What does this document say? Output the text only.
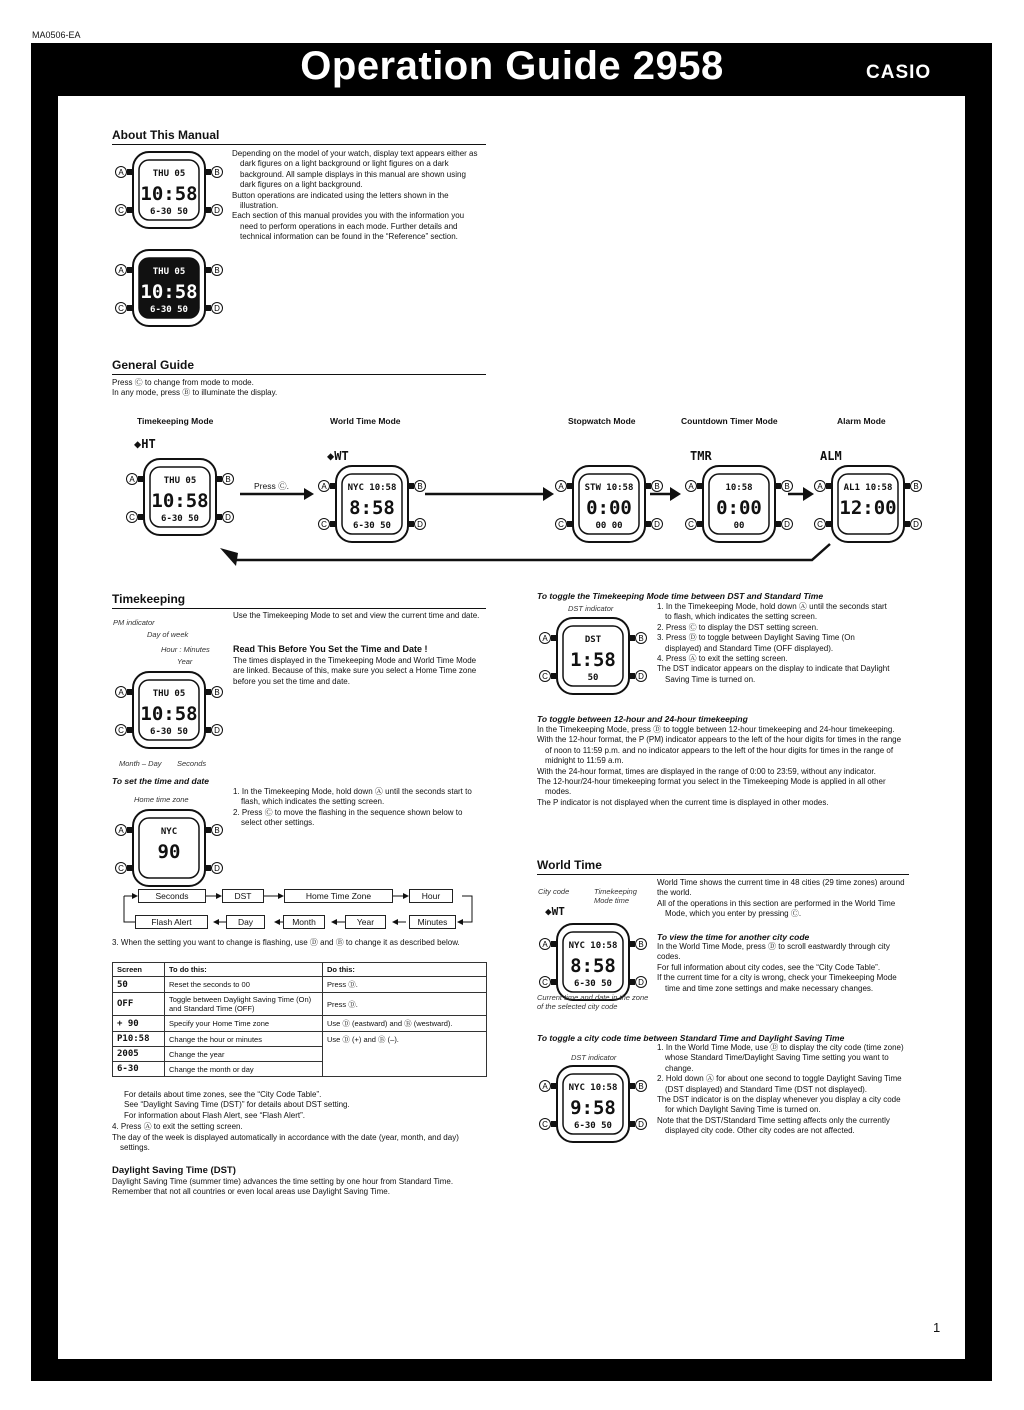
MA0506-EA
Operation Guide 2958	CASIO
About This Manual
A	B
C	D
THU 05
10:58
6-30 50
A	B
C	D
THU 05
10:58
6-30 50

Depending on the model of your watch, display text appears either as dark figures on a light background or light figures on a dark background. All sample displays in this manual are shown using dark figures on a light background.

Button operations are indicated using the letters shown in the illustration.

Each section of this manual provides you with the information you need to perform operations in each mode. Further details and technical information can be found in the “Reference” section.

General Guide

Press Ⓒ to change from mode to mode.

In any mode, press Ⓑ to illuminate the display.

Timekeeping Mode	World Time Mode	Stopwatch Mode	Countdown Timer Mode	Alarm Mode
◆HT
◆WT	TMR	ALM
A	B
C	D
THU 05
10:58
6-30 50
A	B
C	D
NYC 10:58
8:58
6-30 50
A	B
C	D
STW 10:58
0:00
00 00
A	B
C	D
10:58
0:00
00
A	B
C	D
AL1 10:58
12:00
Press Ⓒ.
Timekeeping
PM indicator
Day of week
Hour : Minutes
Year
A	B
C	D
THU 05
10:58
6-30 50
Month – Day Seconds
Use the Timekeeping Mode to set and view the current time and date.
Read This Before You Set the Time and Date !
The times displayed in the Timekeeping Mode and World Time Mode are linked. Because of this, make sure you select a Home Time zone before you set the time and date.
To set the time and date
Home time zone
A	B
C	D
NYC
90

1. In the Timekeeping Mode, hold down Ⓐ until the seconds start to flash, which indicates the setting screen.

2. Press Ⓒ to move the flashing in the sequence shown below to select other settings.

Seconds	DST	Home Time Zone	Hour
Flash Alert	Day	Month	Year	Minutes
3. When the setting you want to change is flashing, use Ⓓ and Ⓑ to change it as described below.
Screen	To do this:	Do this:
50	Reset the seconds to 00	Press Ⓓ.
OFF	Toggle between Daylight Saving Time (On) and Standard Time (OFF)	Press Ⓓ.
+ 90	Specify your Home Time zone	Use Ⓓ (eastward) and Ⓑ (westward).
P10:58	Change the hour or minutes	Use Ⓓ (+) and Ⓑ (–).
2005	Change the year	
6-30	Change the month or day	

For details about time zones, see the “City Code Table”.

See “Daylight Saving Time (DST)” for details about DST setting.

For information about Flash Alert, see “Flash Alert”.

4. Press Ⓐ to exit the setting screen.
The day of the week is displayed automatically in accordance with the date (year, month, and day) settings.
Daylight Saving Time (DST)
Daylight Saving Time (summer time) advances the time setting by one hour from Standard Time. Remember that not all countries or even local areas use Daylight Saving Time.
To toggle the Timekeeping Mode time between DST and Standard Time
DST indicator
A	B
C	D
DST
1:58
50

1. In the Timekeeping Mode, hold down Ⓐ until the seconds start to flash, which indicates the setting screen.

2. Press Ⓒ to display the DST setting screen.

3. Press Ⓓ to toggle between Daylight Saving Time (On displayed) and Standard Time (OFF displayed).

4. Press Ⓐ to exit the setting screen.

The DST indicator appears on the display to indicate that Daylight Saving Time is turned on.

To toggle between 12-hour and 24-hour timekeeping

In the Timekeeping Mode, press Ⓓ to toggle between 12-hour timekeeping and 24-hour timekeeping.

With the 12-hour format, the P (PM) indicator appears to the left of the hour digits for times in the range of noon to 11:59 p.m. and no indicator appears to the left of the hour digits for times in the range of midnight to 11:59 a.m.

With the 24-hour format, times are displayed in the range of 0:00 to 23:59, without any indicator.

The 12-hour/24-hour timekeeping format you select in the Timekeeping Mode is applied in all other modes.

The P indicator is not displayed when the current time is displayed in other modes.

World Time
City code	Timekeeping Mode time
◆WT
A	B
C	D
NYC 10:58
8:58
6-30 50
Current time and date in the zone of the selected city code

World Time shows the current time in 48 cities (29 time zones) around the world.

All of the operations in this section are performed in the World Time Mode, which you enter by pressing Ⓒ.

To view the time for another city code

In the World Time Mode, press Ⓓ to scroll eastwardly through city codes.

For full information about city codes, see the “City Code Table”.

If the current time for a city is wrong, check your Timekeeping Mode time and time zone settings and make necessary changes.

To toggle a city code time between Standard Time and Daylight Saving Time
DST indicator
A	B
C	D
NYC 10:58
9:58
6-30 50

1. In the World Time Mode, use Ⓓ to display the city code (time zone) whose Standard Time/Daylight Saving Time setting you want to change.

2. Hold down Ⓐ for about one second to toggle Daylight Saving Time (DST displayed) and Standard Time (DST not displayed).

The DST indicator is on the display whenever you display a city code for which Daylight Saving Time is turned on.

Note that the DST/Standard Time setting affects only the currently displayed city code. Other city codes are not affected.

1
